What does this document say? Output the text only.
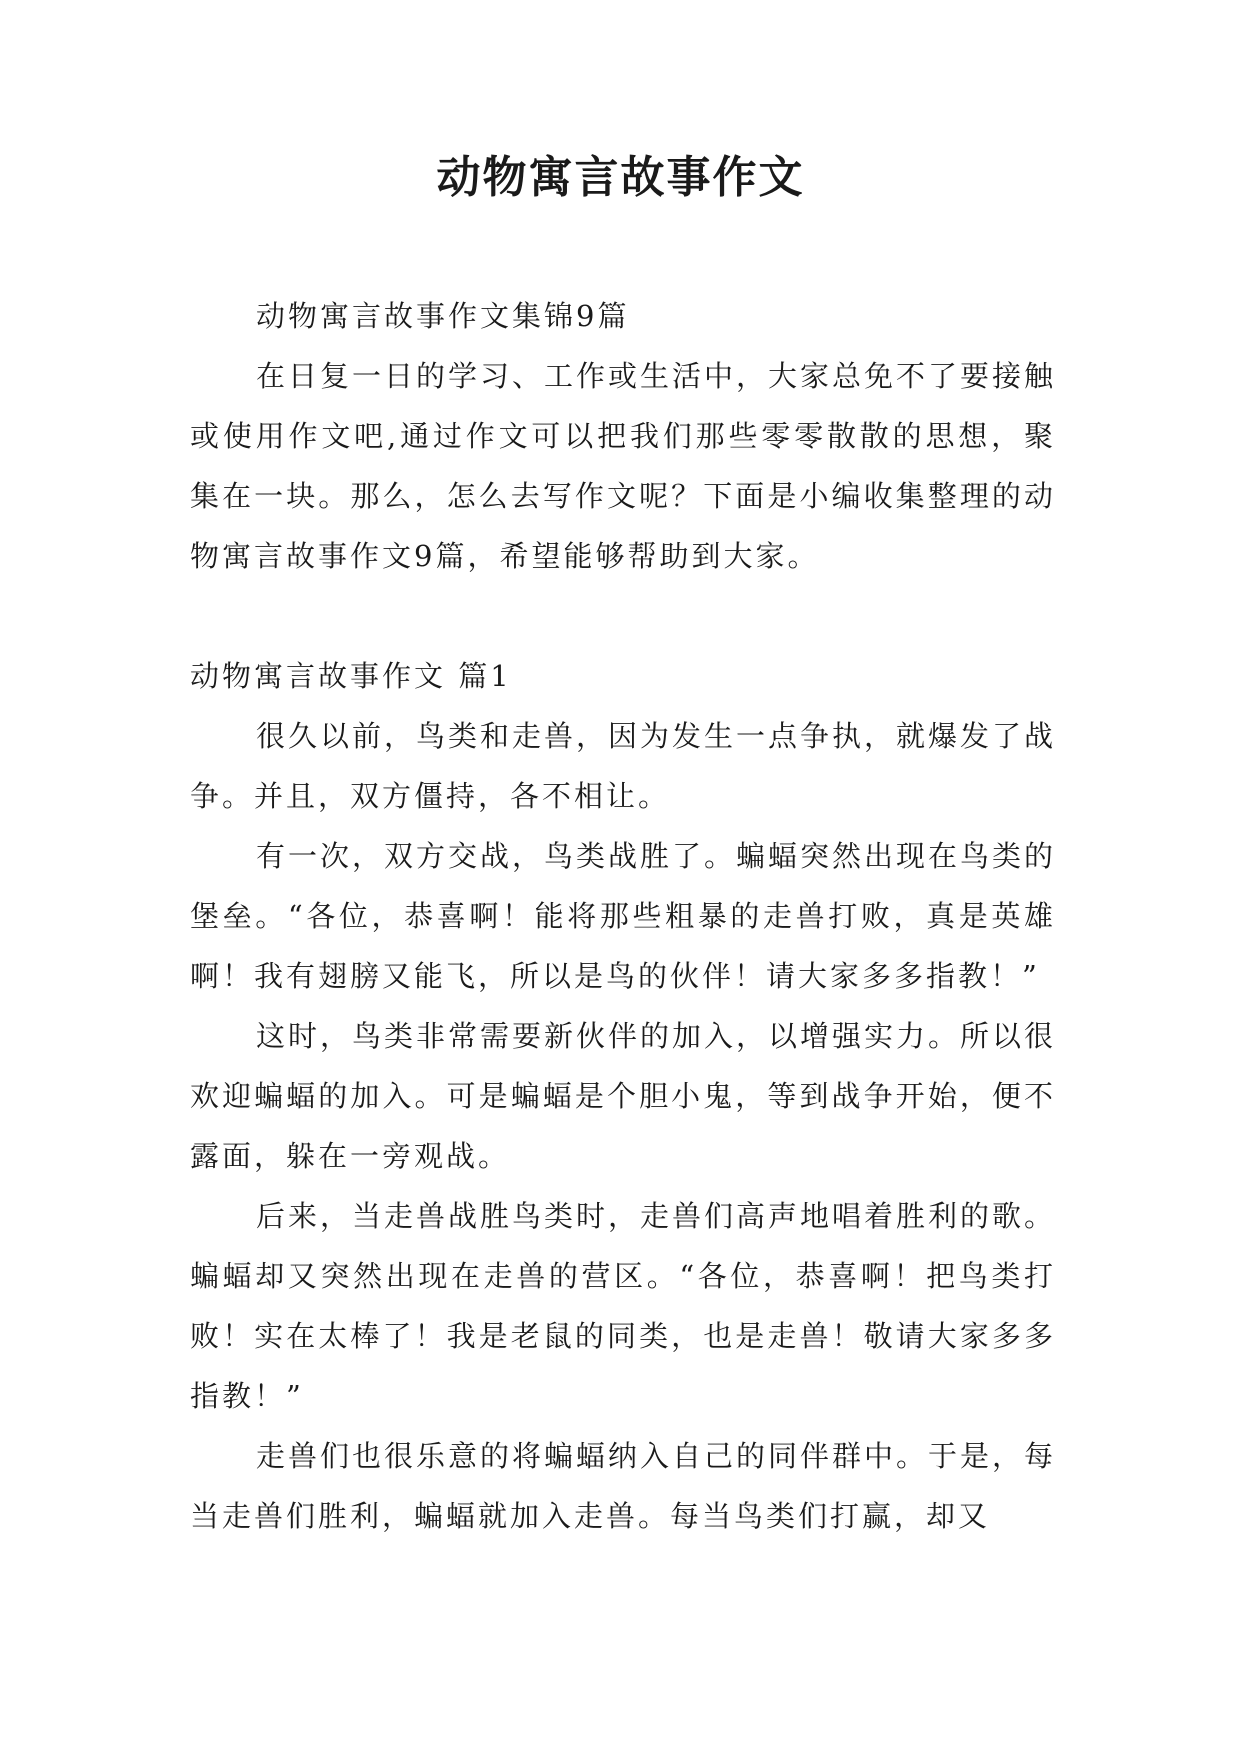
动物寓言故事作文

动物寓言故事作文集锦9篇

在日复一日的学习、工作或生活中，大家总免不了要接触或使用作文吧,通过作文可以把我们那些零零散散的思想，聚集在一块。那么，怎么去写作文呢？下面是小编收集整理的动物寓言故事作文9篇，希望能够帮助到大家。

动物寓言故事作文 篇1

很久以前，鸟类和走兽，因为发生一点争执，就爆发了战争。并且，双方僵持，各不相让。

有一次，双方交战，鸟类战胜了。蝙蝠突然出现在鸟类的堡垒。“各位，恭喜啊！能将那些粗暴的走兽打败，真是英雄啊！我有翅膀又能飞，所以是鸟的伙伴！请大家多多指教！”

这时，鸟类非常需要新伙伴的加入，以增强实力。所以很欢迎蝙蝠的加入。可是蝙蝠是个胆小鬼，等到战争开始，便不露面，躲在一旁观战。

后来，当走兽战胜鸟类时，走兽们高声地唱着胜利的歌。蝙蝠却又突然出现在走兽的营区。“各位，恭喜啊！把鸟类打败！实在太棒了！我是老鼠的同类，也是走兽！敬请大家多多指教！”

走兽们也很乐意的将蝙蝠纳入自己的同伴群中。于是，每当走兽们胜利，蝙蝠就加入走兽。每当鸟类们打赢，却又
